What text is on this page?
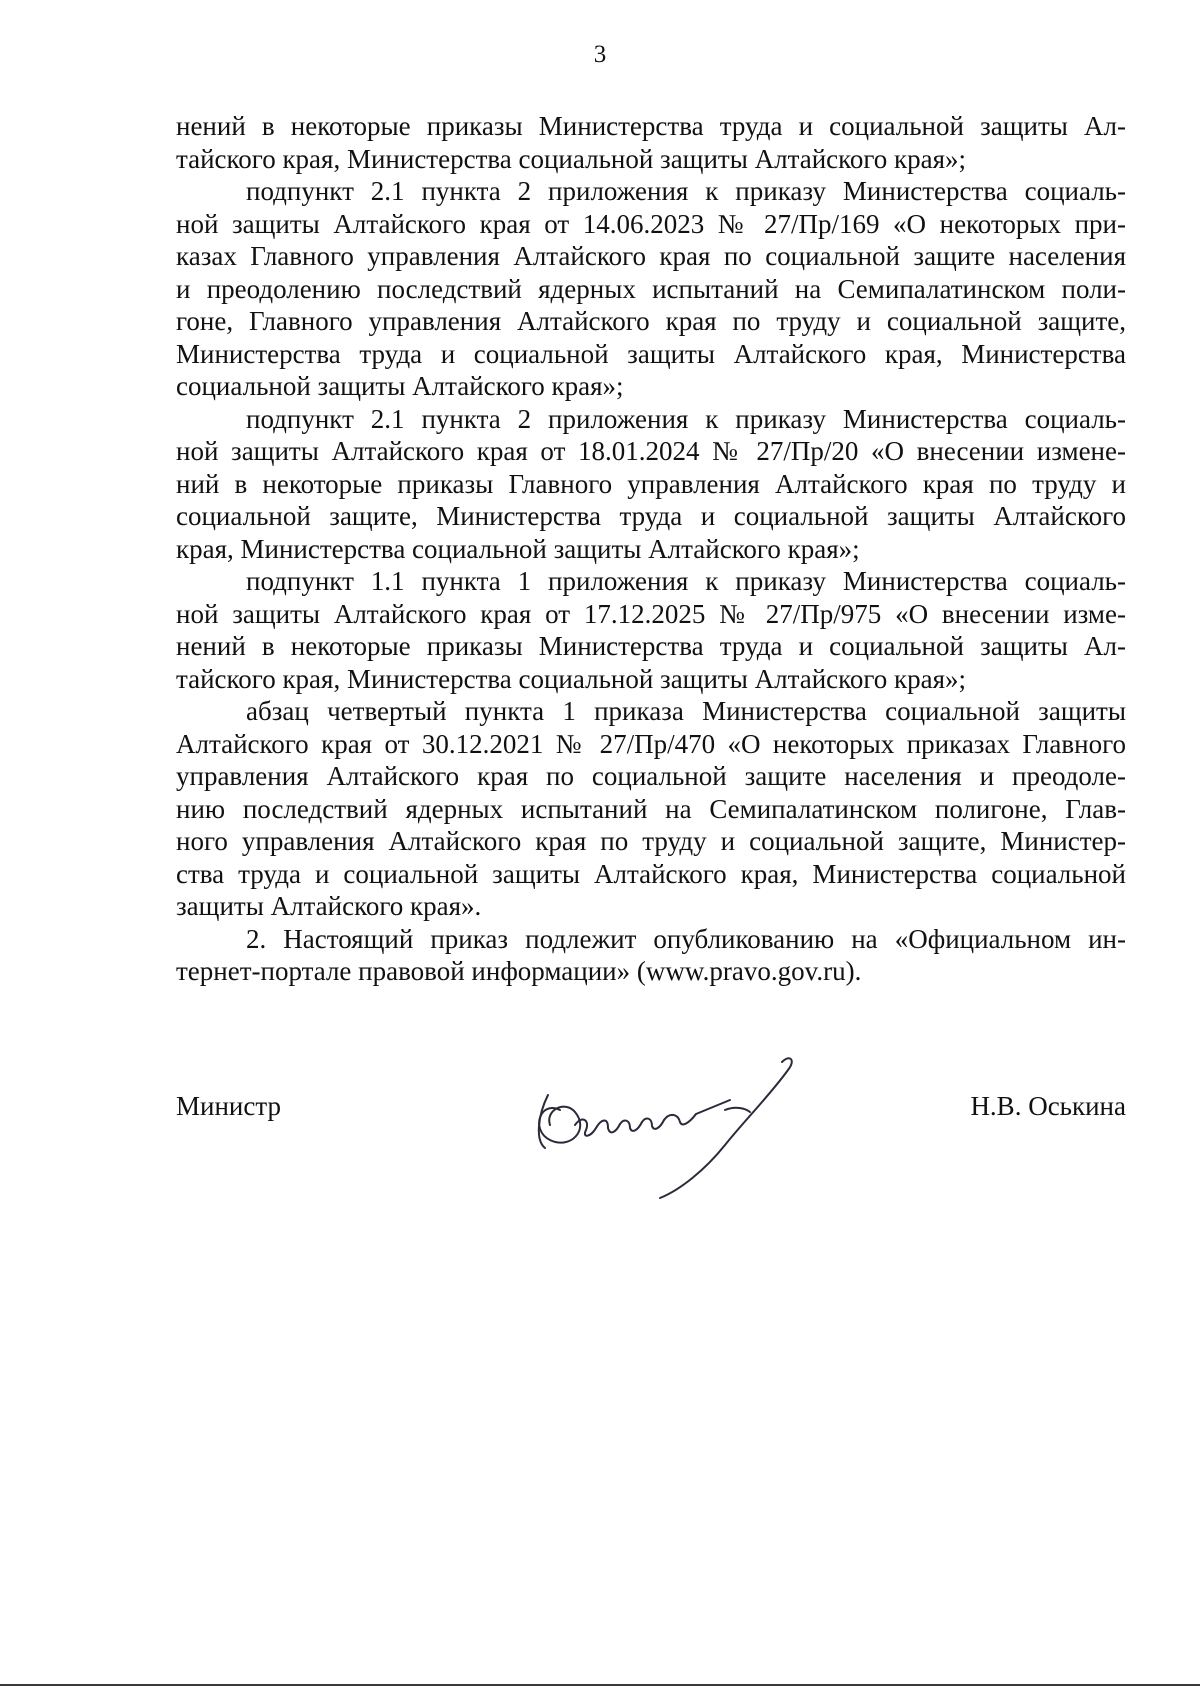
3

нений в некоторые приказы Министерства труда и социальной защиты Ал-
тайского края, Министерства социальной защиты Алтайского края»;

подпункт 2.1 пункта 2 приложения к приказу Министерства социаль-
ной защиты Алтайского края от 14.06.2023 № 27/Пр/169 «О некоторых при-
казах Главного управления Алтайского края по социальной защите населения
и преодолению последствий ядерных испытаний на Семипалатинском поли-
гоне, Главного управления Алтайского края по труду и социальной защите,
Министерства труда и социальной защиты Алтайского края, Министерства
социальной защиты Алтайского края»;

подпункт 2.1 пункта 2 приложения к приказу Министерства социаль-
ной защиты Алтайского края от 18.01.2024 № 27/Пр/20 «О внесении измене-
ний в некоторые приказы Главного управления Алтайского края по труду и
социальной защите, Министерства труда и социальной защиты Алтайского
края, Министерства социальной защиты Алтайского края»;

подпункт 1.1 пункта 1 приложения к приказу Министерства социаль-
ной защиты Алтайского края от 17.12.2025 № 27/Пр/975 «О внесении изме-
нений в некоторые приказы Министерства труда и социальной защиты Ал-
тайского края, Министерства социальной защиты Алтайского края»;

абзац четвертый пункта 1 приказа Министерства социальной защиты
Алтайского края от 30.12.2021 № 27/Пр/470 «О некоторых приказах Главного
управления Алтайского края по социальной защите населения и преодоле-
нию последствий ядерных испытаний на Семипалатинском полигоне, Глав-
ного управления Алтайского края по труду и социальной защите, Министер-
ства труда и социальной защиты Алтайского края, Министерства социальной
защиты Алтайского края».

2. Настоящий приказ подлежит опубликованию на «Официальном ин-
тернет-портале правовой информации» (www.pravo.gov.ru).

Министр	Н.В. Оськина
